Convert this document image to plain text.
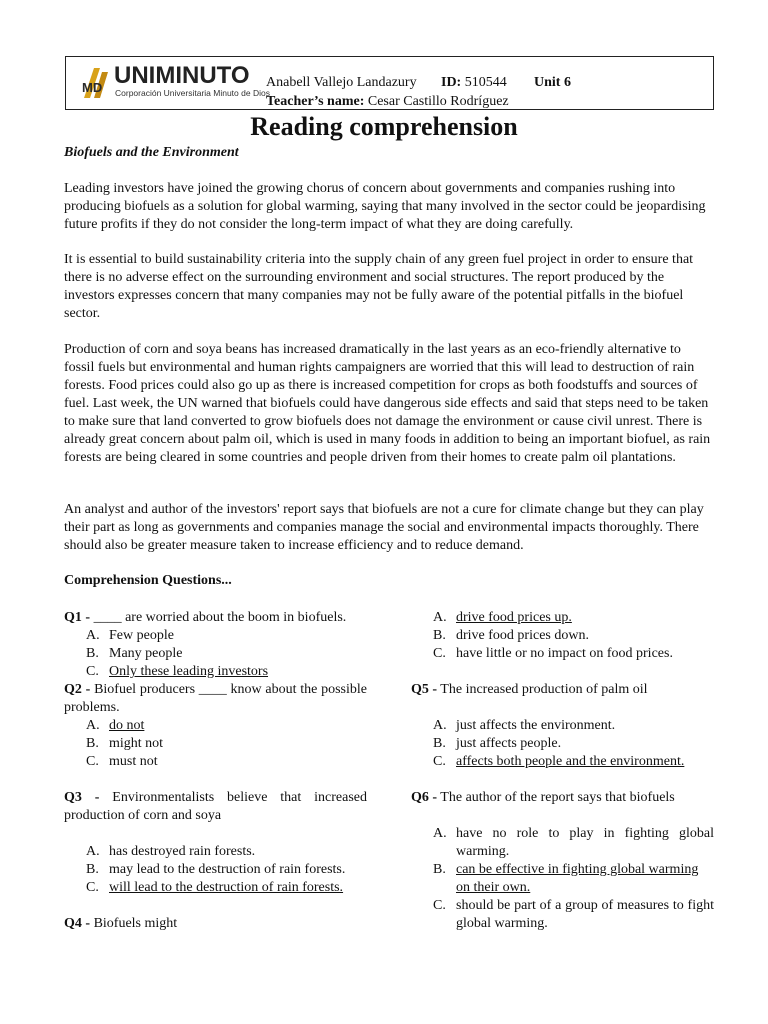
MD UNIMINUTO
Corporación Universitaria Minuto de Dios
Anabell Vallejo Landazury ID: 510544 Unit 6
Teacher’s name: Cesar Castillo Rodríguez
Reading comprehension
Biofuels and the Environment

Leading investors have joined the growing chorus of concern about governments and companies rushing into producing biofuels as a solution for global warming, saying that many involved in the sector could be jeopardising future profits if they do not consider the long-term impact of what they are doing carefully.

It is essential to build sustainability criteria into the supply chain of any green fuel project in order to ensure that there is no adverse effect on the surrounding environment and social structures. The report produced by the investors expresses concern that many companies may not be fully aware of the potential pitfalls in the biofuel sector.

Production of corn and soya beans has increased dramatically in the last years as an eco-friendly alternative to fossil fuels but environmental and human rights campaigners are worried that this will lead to destruction of rain forests. Food prices could also go up as there is increased competition for crops as both foodstuffs and sources of fuel. Last week, the UN warned that biofuels could have dangerous side effects and said that steps need to be taken to make sure that land converted to grow biofuels does not damage the environment or cause civil unrest. There is already great concern about palm oil, which is used in many foods in addition to being an important biofuel, as rain forests are being cleared in some countries and people driven from their homes to create palm oil plantations.

An analyst and author of the investors' report says that biofuels are not a cure for climate change but they can play their part as long as governments and companies manage the social and environmental impacts thoroughly. There should also be greater measure taken to increase efficiency and to reduce demand.

Comprehension Questions...

Q1 - ____ are worried about the boom in biofuels.

A. Few people
B. Many people
C. Only these leading investors

Q2 - Biofuel producers ____ know about the possible problems.

A. do not
B. might not
C. must not

Q3 - Environmentalists believe that increased production of corn and soya

A. has destroyed rain forests.
B. may lead to the destruction of rain forests.
C. will lead to the destruction of rain forests.

Q4 - Biofuels might

A. drive food prices up.
B. drive food prices down.
C. have little or no impact on food prices.

Q5 - The increased production of palm oil

A. just affects the environment.
B. just affects people.
C. affects both people and the environment.

Q6 - The author of the report says that biofuels

A. have no role to play in fighting global warming.
B. can be effective in fighting global warming on their own.
C. should be part of a group of measures to fight global warming.
